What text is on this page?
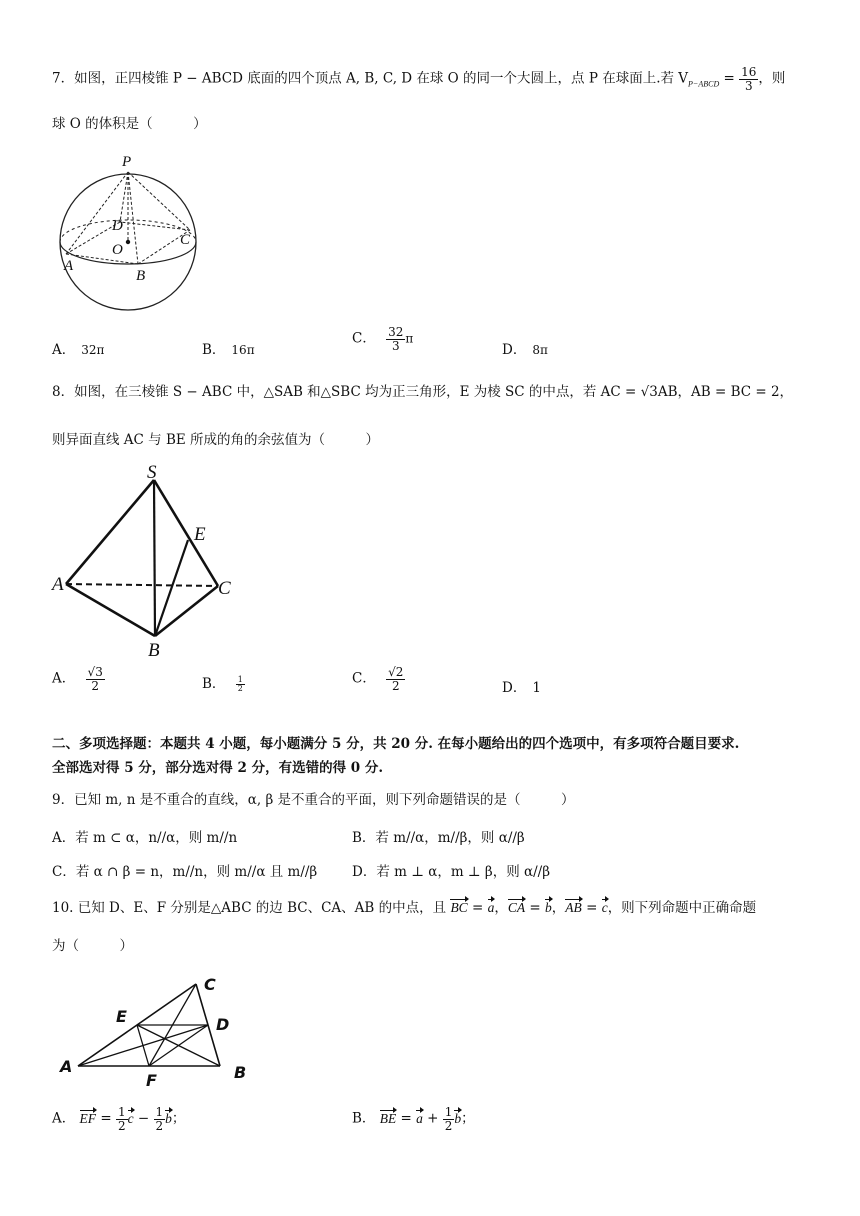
7．如图，正四棱锥 P − ABCD 底面的四个顶点 A, B, C, D 在球 O 的同一个大圆上，点 P 在球面上.若 $V_{P-ABCD} = \frac{16}{3}$ ，则
球 O 的体积是（　　　）
P
D
O
C
A
B
A． 32π	B． 16π
C． $\frac{32}{3}$ π
D． 8π
8．如图，在三棱锥 S − ABC 中，△SAB 和△SBC 均为正三角形，E 为棱 SC 的中点，若 AC = √3AB，AB = BC = 2，
则异面直线 AC 与 BE 所成的角的余弦值为（　　　）
S
E
A	C
B
A． $\frac{√3}{2}$	B． $\frac{1}{2}$	C． $\frac{√2}{2}$	D． 1
二、多项选择题：本题共 4 小题，每小题满分 5 分，共 20 分. 在每小题给出的四个选项中，有多项符合题目要求.
全部选对得 5 分，部分选对得 2 分，有选错的得 0 分.
9．已知 m, n 是不重合的直线，α, β 是不重合的平面，则下列命题错误的是（　　　）
A．若 m ⊂ α，n//α，则 m//n	B．若 m//α，m//β，则 α//β
C．若 α ∩ β = n，m//n，则 m//α 且 m//β	D．若 m ⊥ α，m ⊥ β，则 α//β
10. 已知 D、E、F 分别是△ABC 的边 BC、CA、AB 的中点，且 BC = a，CA = b，AB = c，则下列命题中正确命题
为（　　　）
C
E	D
A
F	B
A． EF = $\frac{1}{2}$ $c - \frac{1}{2}$ b；	B． BE = $a + \frac{1}{2}$ b；
